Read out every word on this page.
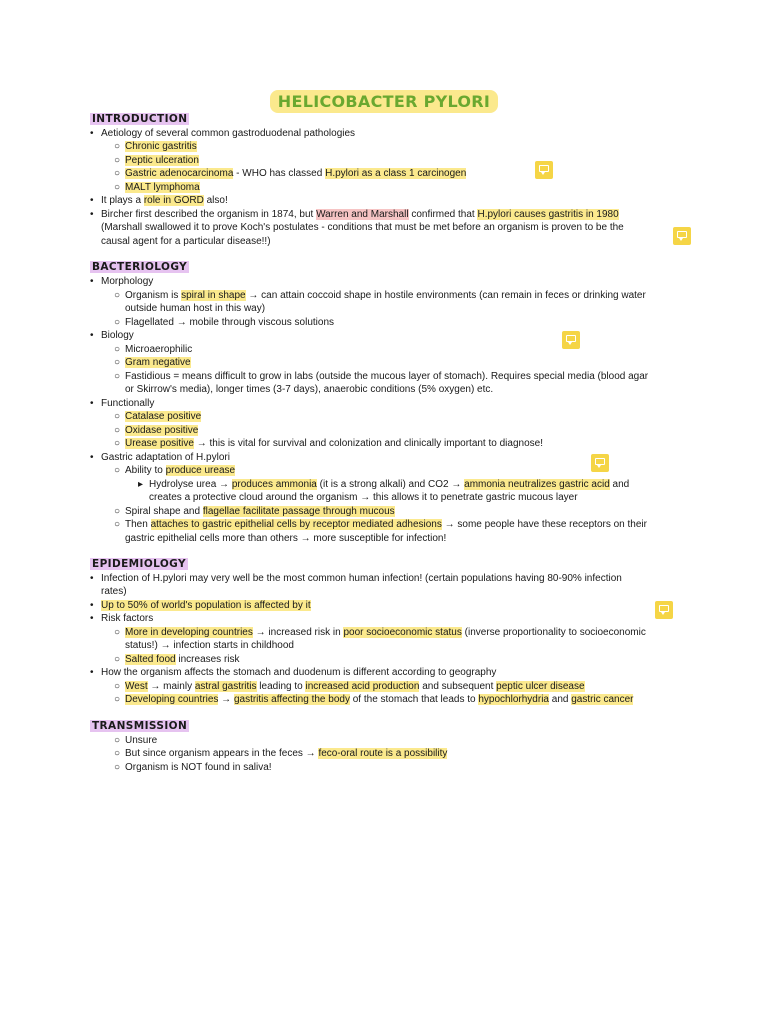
HELICOBACTER PYLORI
INTRODUCTION
• Aetiology of several common gastroduodenal pathologies
○ Chronic gastritis
○ Peptic ulceration
○ Gastric adenocarcinoma - WHO has classed H.pylori as a class 1 carcinogen
○ MALT lymphoma
• It plays a role in GORD also!
• Bircher first described the organism in 1874, but Warren and Marshall confirmed that H.pylori causes gastritis in 1980
(Marshall swallowed it to prove Koch's postulates - conditions that must be met before an organism is proven to be the
causal agent for a particular disease!!)
BACTERIOLOGY
• Morphology
○ Organism is spiral in shape → can attain coccoid shape in hostile environments (can remain in feces or drinking water
outside human host in this way)
○ Flagellated → mobile through viscous solutions
• Biology
○ Microaerophilic
○ Gram negative
○ Fastidious = means difficult to grow in labs (outside the mucous layer of stomach). Requires special media (blood agar
or Skirrow's media), longer times (3-7 days), anaerobic conditions (5% oxygen) etc.
• Functionally
○ Catalase positive
○ Oxidase positive
○ Urease positive → this is vital for survival and colonization and clinically important to diagnose!
• Gastric adaptation of H.pylori
○ Ability to produce urease
▸ Hydrolyse urea → produces ammonia (it is a strong alkali) and CO2 → ammonia neutralizes gastric acid and
creates a protective cloud around the organism → this allows it to penetrate gastric mucous layer
○ Spiral shape and flagellae facilitate passage through mucous
○ Then attaches to gastric epithelial cells by receptor mediated adhesions → some people have these receptors on their
gastric epithelial cells more than others → more susceptible for infection!
EPIDEMIOLOGY
• Infection of H.pylori may very well be the most common human infection! (certain populations having 80-90% infection
rates)
• Up to 50% of world's population is affected by it
• Risk factors
○ More in developing countries → increased risk in poor socioeconomic status (inverse proportionality to socioeconomic
status!) → infection starts in childhood
○ Salted food increases risk
• How the organism affects the stomach and duodenum is different according to geography
○ West → mainly astral gastritis leading to increased acid production and subsequent peptic ulcer disease
○ Developing countries → gastritis affecting the body of the stomach that leads to hypochlorhydria and gastric cancer
TRANSMISSION
○ Unsure
○ But since organism appears in the feces → feco-oral route is a possibility
○ Organism is NOT found in saliva!
